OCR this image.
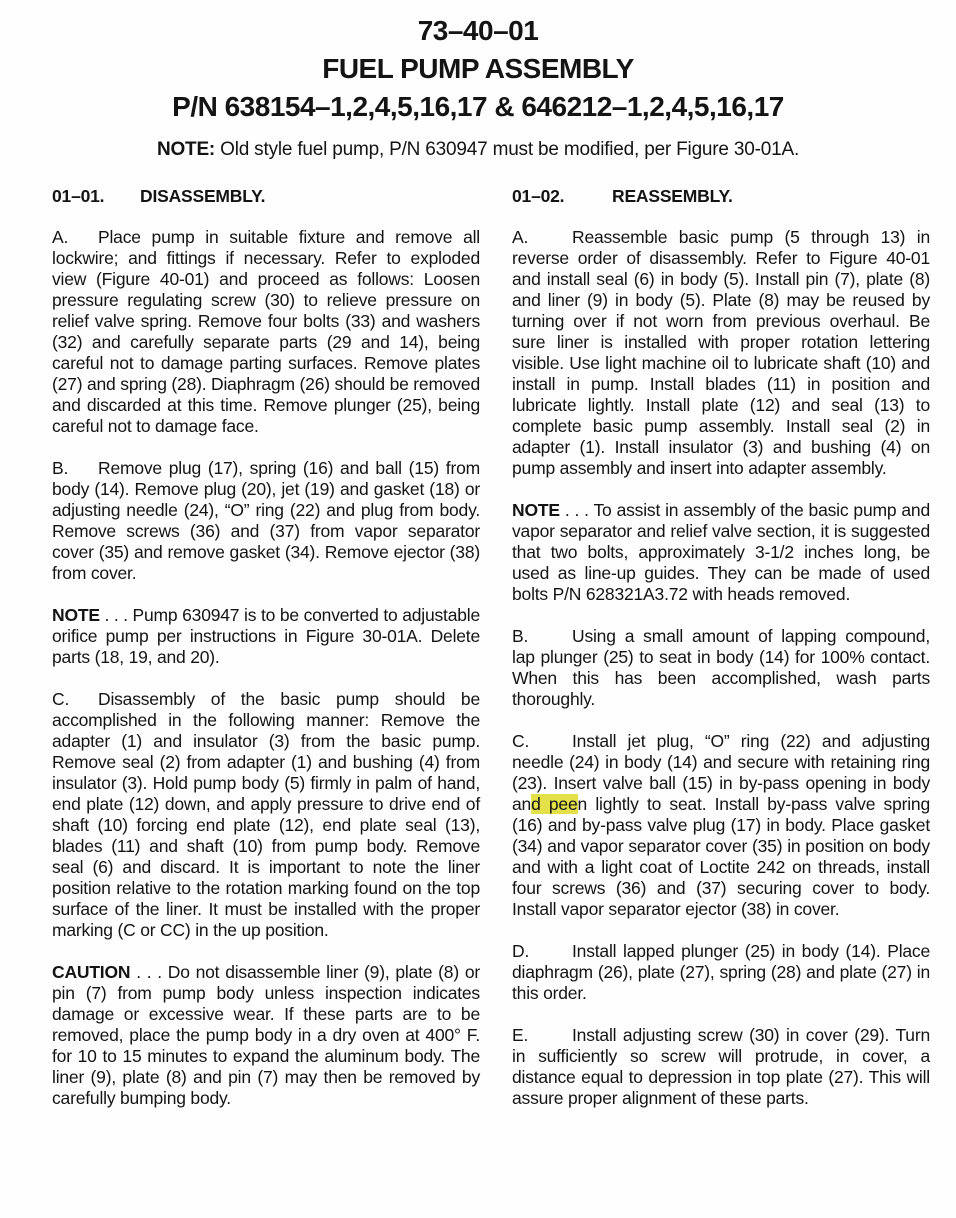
73–40–01
FUEL PUMP ASSEMBLY
P/N 638154–1,2,4,5,16,17 & 646212–1,2,4,5,16,17

NOTE: Old style fuel pump, P/N 630947 must be modified, per Figure 30-01A.

01–01. DISASSEMBLY.

A. Place pump in suitable fixture and remove all lockwire; and fittings if necessary. Refer to exploded view (Figure 40-01) and proceed as follows: Loosen pressure regulating screw (30) to relieve pressure on relief valve spring. Remove four bolts (33) and washers (32) and carefully separate parts (29 and 14), being careful not to damage parting surfaces. Remove plates (27) and spring (28). Diaphragm (26) should be removed and discarded at this time. Remove plunger (25), being careful not to damage face.

B. Remove plug (17), spring (16) and ball (15) from body (14). Remove plug (20), jet (19) and gasket (18) or adjusting needle (24), “O” ring (22) and plug from body. Remove screws (36) and (37) from vapor separator cover (35) and remove gasket (34). Remove ejector (38) from cover.

NOTE . . . Pump 630947 is to be converted to adjustable orifice pump per instructions in Figure 30-01A. Delete parts (18, 19, and 20).

C. Disassembly of the basic pump should be accomplished in the following manner: Remove the adapter (1) and insulator (3) from the basic pump. Remove seal (2) from adapter (1) and bushing (4) from insulator (3). Hold pump body (5) firmly in palm of hand, end plate (12) down, and apply pressure to drive end of shaft (10) forcing end plate (12), end plate seal (13), blades (11) and shaft (10) from pump body. Remove seal (6) and discard. It is important to note the liner position relative to the rotation marking found on the top surface of the liner. It must be installed with the proper marking (C or CC) in the up position.

CAUTION . . . Do not disassemble liner (9), plate (8) or pin (7) from pump body unless inspection indicates damage or excessive wear. If these parts are to be removed, place the pump body in a dry oven at 400° F. for 10 to 15 minutes to expand the aluminum body. The liner (9), plate (8) and pin (7) may then be removed by carefully bumping body.

01–02.	REASSEMBLY.

A.	Reassemble basic pump (5 through 13) in reverse order of disassembly. Refer to Figure 40-01 and install seal (6) in body (5). Install pin (7), plate (8) and liner (9) in body (5). Plate (8) may be reused by turning over if not worn from previous overhaul. Be sure liner is installed with proper rotation lettering visible. Use light machine oil to lubricate shaft (10) and install in pump. Install blades (11) in position and lubricate lightly. Install plate (12) and seal (13) to complete basic pump assembly. Install seal (2) in adapter (1). Install insulator (3) and bushing (4) on pump assembly and insert into adapter assembly.

NOTE . . . To assist in assembly of the basic pump and vapor separator and relief valve section, it is suggested that two bolts, approximately 3-1/2 inches long, be used as line-up guides. They can be made of used bolts P/N 628321A3.72 with heads removed.

B.	Using a small amount of lapping compound, lap plunger (25) to seat in body (14) for 100% contact. When this has been accomplished, wash parts thoroughly.

C. Install jet plug, “O” ring (22) and adjusting needle (24) in body (14) and secure with retaining ring (23). Insert valve ball (15) in by-pass opening in body and peen lightly to seat. Install by-pass valve spring (16) and by-pass valve plug (17) in body. Place gasket (34) and vapor separator cover (35) in position on body and with a light coat of Loctite 242 on threads, install four screws (36) and (37) securing cover to body. Install vapor separator ejector (38) in cover.

D. Install lapped plunger (25) in body (14). Place diaphragm (26), plate (27), spring (28) and plate (27) in this order.

E.	Install adjusting screw (30) in cover (29). Turn in sufficiently so screw will protrude, in cover, a distance equal to depression in top plate (27). This will assure proper alignment of these parts.
